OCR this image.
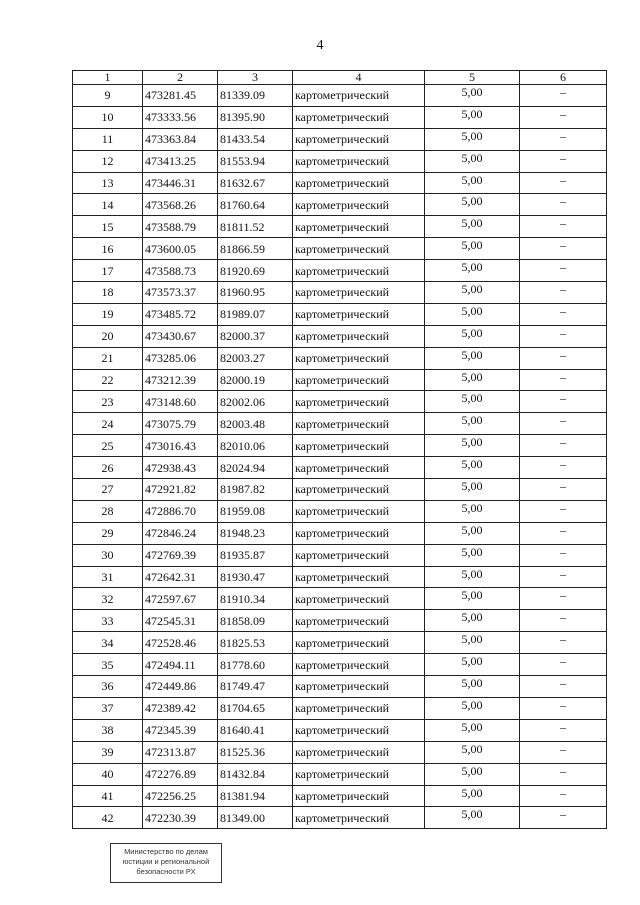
4
1	2	3	4	5	6
9	473281.45	81339.09	картометрический	5,00	–
10	473333.56	81395.90	картометрический	5,00	–
11	473363.84	81433.54	картометрический	5,00	–
12	473413.25	81553.94	картометрический	5,00	–
13	473446.31	81632.67	картометрический	5,00	–
14	473568.26	81760.64	картометрический	5,00	–
15	473588.79	81811.52	картометрический	5,00	–
16	473600.05	81866.59	картометрический	5,00	–
17	473588.73	81920.69	картометрический	5,00	–
18	473573.37	81960.95	картометрический	5,00	–
19	473485.72	81989.07	картометрический	5,00	–
20	473430.67	82000.37	картометрический	5,00	–
21	473285.06	82003.27	картометрический	5,00	–
22	473212.39	82000.19	картометрический	5,00	–
23	473148.60	82002.06	картометрический	5,00	–
24	473075.79	82003.48	картометрический	5,00	–
25	473016.43	82010.06	картометрический	5,00	–
26	472938.43	82024.94	картометрический	5,00	–
27	472921.82	81987.82	картометрический	5,00	–
28	472886.70	81959.08	картометрический	5,00	–
29	472846.24	81948.23	картометрический	5,00	–
30	472769.39	81935.87	картометрический	5,00	–
31	472642.31	81930.47	картометрический	5,00	–
32	472597.67	81910.34	картометрический	5,00	–
33	472545.31	81858.09	картометрический	5,00	–
34	472528.46	81825.53	картометрический	5,00	–
35	472494.11	81778.60	картометрический	5,00	–
36	472449.86	81749.47	картометрический	5,00	–
37	472389.42	81704.65	картометрический	5,00	–
38	472345.39	81640.41	картометрический	5,00	–
39	472313.87	81525.36	картометрический	5,00	–
40	472276.89	81432.84	картометрический	5,00	–
41	472256.25	81381.94	картометрический	5,00	–
42	472230.39	81349.00	картометрический	5,00	–
Министерство по делам
юстиции и региональной
безопасности РХ
